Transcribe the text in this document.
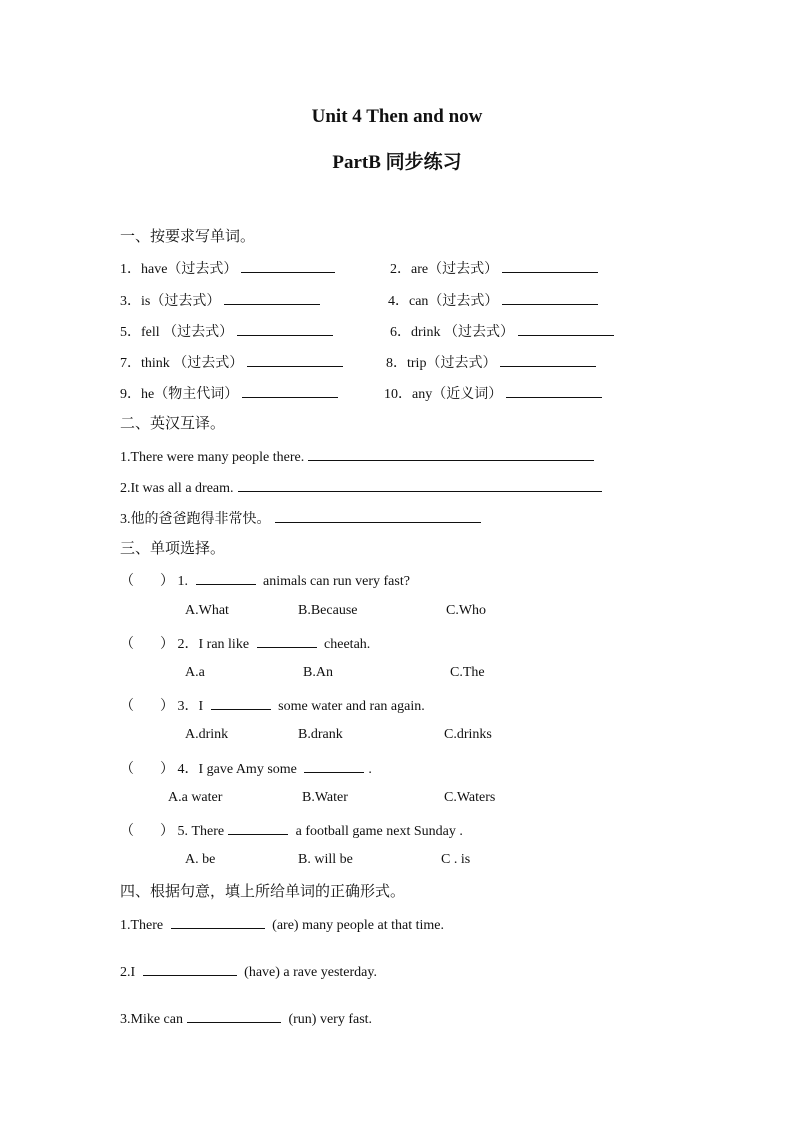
Unit 4 Then and now
PartB 同步练习
一、按要求写单词。
1．have（过去式）	2．are（过去式）
3．is（过去式）	4．can（过去式）
5．fell （过去式）	6．drink （过去式）
7．think （过去式）	8．trip（过去式）
9．he（物主代词）	10．any（近义词）
二、英汉互译。
1.There were many people there.
2.It was all a dream.
3.他的爸爸跑得非常快。
三、单项选择。
（ ） 1.	animals can run very fast?
A.What	B.Because	C.Who
（ ） 2．I ran like	cheetah.
A.a	B.An	C.The
（ ） 3．I	some water and ran again.
A.drink	B.drank	C.drinks
（ ） 4．I gave Amy some	.
A.a water	B.Water	C.Waters
（ ） 5. There	a football game next Sunday .
A. be	B. will be	C . is
四、根据句意，填上所给单词的正确形式。
1.There	(are) many people at that time.
2.I	(have) a rave yesterday.
3.Mike can	(run) very fast.
